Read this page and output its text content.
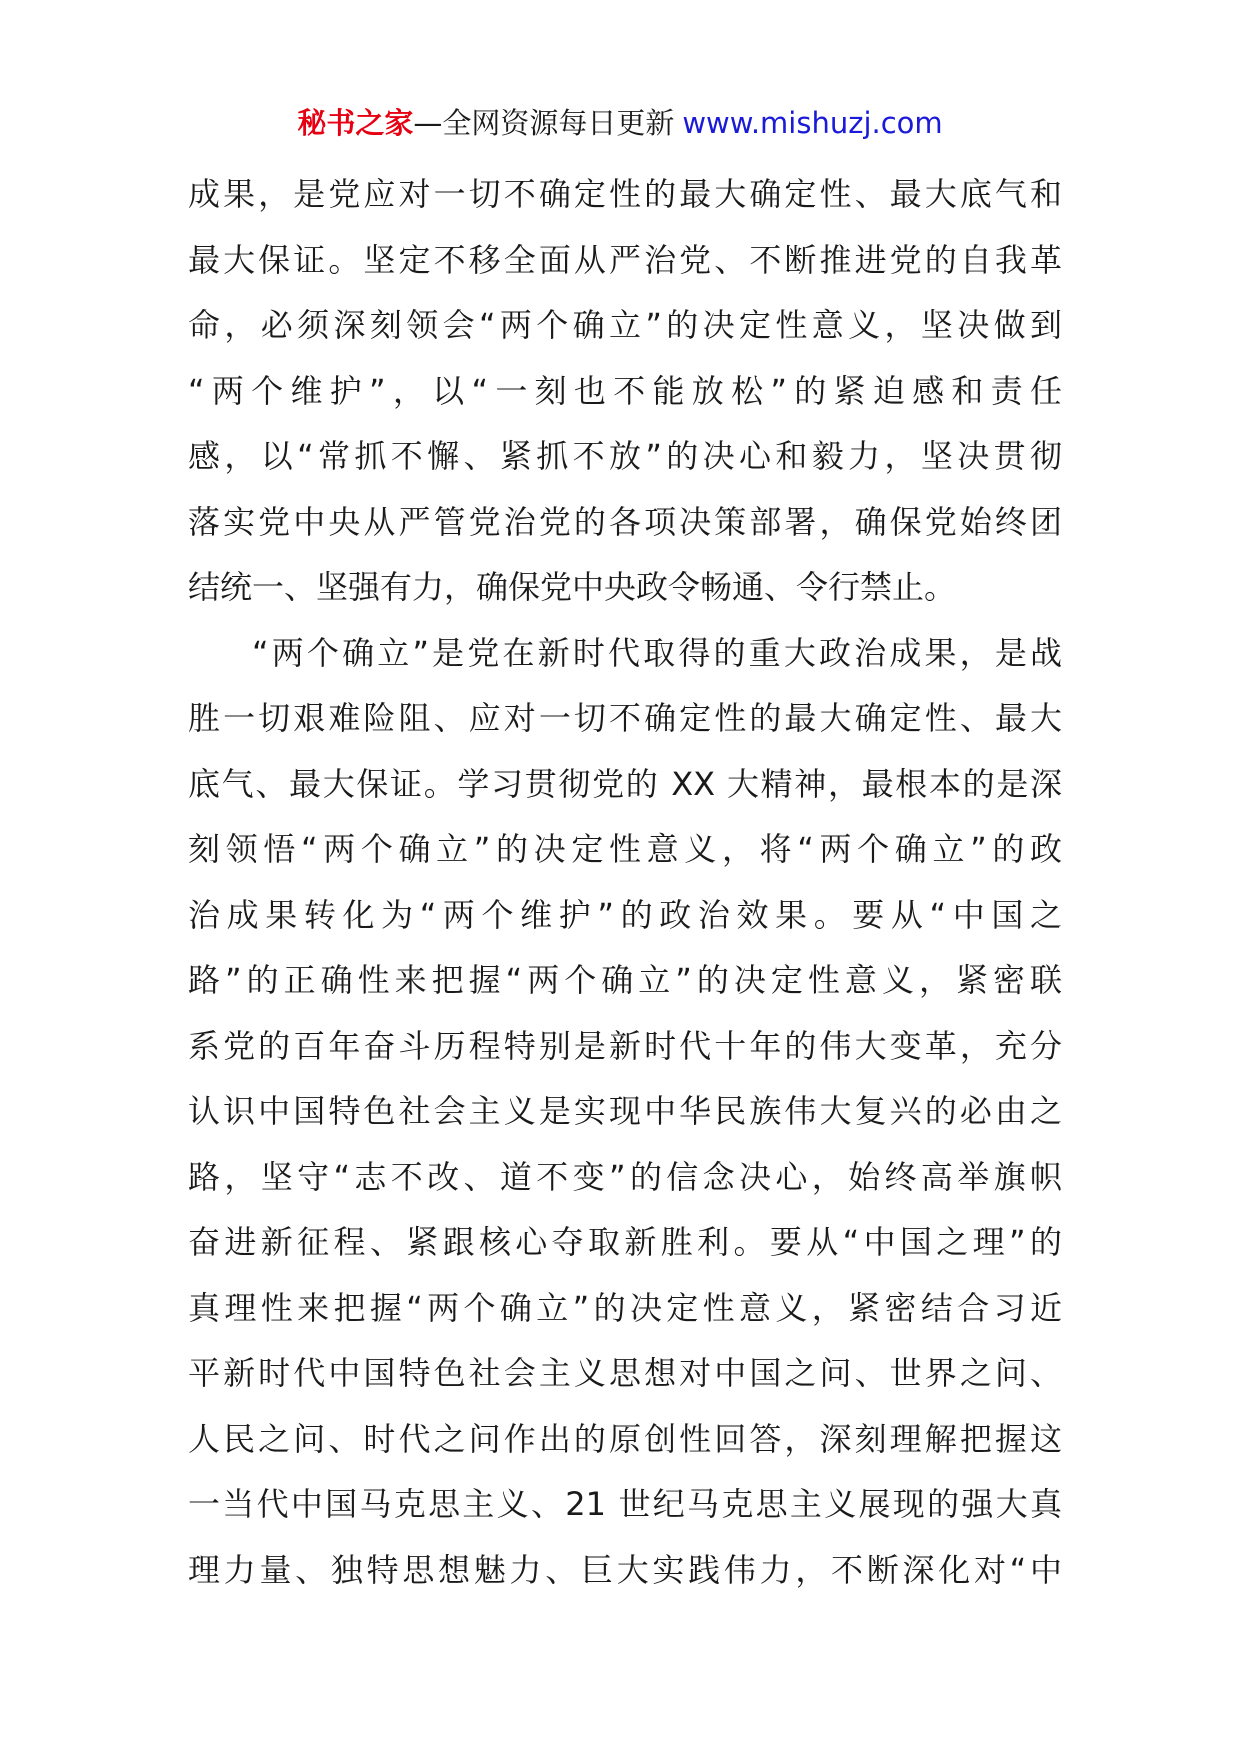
秘书之家—全网资源每日更新 www.mishuzj.com
成果，是党应对一切不确定性的最大确定性、最大底气和
最大保证。坚定不移全面从严治党、不断推进党的自我革
命，必须深刻领会“两个确立”的决定性意义，坚决做到
“两个维护”，以“一刻也不能放松”的紧迫感和责任
感，以“常抓不懈、紧抓不放”的决心和毅力，坚决贯彻
落实党中央从严管党治党的各项决策部署，确保党始终团
结统一、坚强有力，确保党中央政令畅通、令行禁止。
“两个确立”是党在新时代取得的重大政治成果，是战
胜一切艰难险阻、应对一切不确定性的最大确定性、最大
底气、最大保证。学习贯彻党的 XX 大精神，最根本的是深
刻领悟“两个确立”的决定性意义，将“两个确立”的政
治成果转化为“两个维护”的政治效果。要从“中国之
路”的正确性来把握“两个确立”的决定性意义，紧密联
系党的百年奋斗历程特别是新时代十年的伟大变革，充分
认识中国特色社会主义是实现中华民族伟大复兴的必由之
路，坚守“志不改、道不变”的信念决心，始终高举旗帜
奋进新征程、紧跟核心夺取新胜利。要从“中国之理”的
真理性来把握“两个确立”的决定性意义，紧密结合习近
平新时代中国特色社会主义思想对中国之问、世界之问、
人民之问、时代之问作出的原创性回答，深刻理解把握这
一当代中国马克思主义、21 世纪马克思主义展现的强大真
理力量、独特思想魅力、巨大实践伟力，不断深化对“中
